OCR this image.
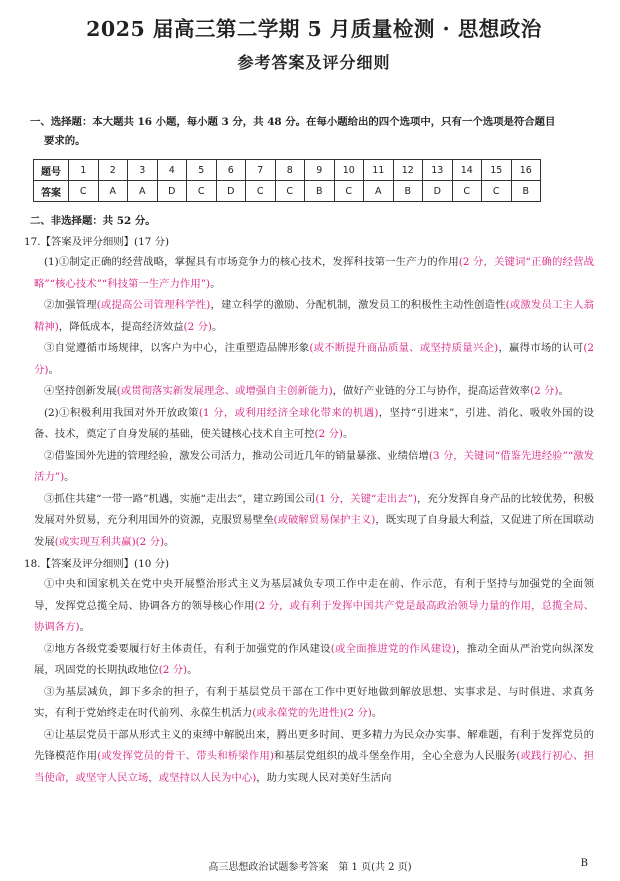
2025 届高三第二学期 5 月质量检测 · 思想政治
参考答案及评分细则
一、选择题：本大题共 16 小题，每小题 3 分，共 48 分。在每小题给出的四个选项中，只有一个选项是符合题目
要求的。
题号	1	2	3	4	5	6	7	8	9	10	11	12	13	14	15	16
答案	C	A	A	D	C	D	C	C	B	C	A	B	D	C	C	B
二、非选择题：共 52 分。
17.【答案及评分细则】(17 分)

(1)①制定正确的经营战略，掌握具有市场竞争力的核心技术，发挥科技第一生产力的作用(2 分，关键词“正确的经营战略”“核心技术”“科技第一生产力作用”)。

②加强管理(或提高公司管理科学性)，建立科学的激励、分配机制，激发员工的积极性主动性创造性(或激发员工主人翁精神)，降低成本，提高经济效益(2 分)。

③自觉遵循市场规律，以客户为中心，注重塑造品牌形象(或不断提升商品质量、或坚持质量兴企)，赢得市场的认可(2 分)。

④坚持创新发展(或贯彻落实新发展理念、或增强自主创新能力)，做好产业链的分工与协作，提高运营效率(2 分)。

(2)①积极利用我国对外开放政策(1 分，或利用经济全球化带来的机遇)，坚持“引进来”，引进、消化、吸收外国的设备、技术，奠定了自身发展的基础，使关键核心技术自主可控(2 分)。

②借鉴国外先进的管理经验，激发公司活力，推动公司近几年的销量暴涨、业绩倍增(3 分，关键词“借鉴先进经验”“激发活力”)。

③抓住共建“一带一路”机遇，实施“走出去”，建立跨国公司(1 分，关键“走出去”)，充分发挥自身产品的比较优势，积极发展对外贸易，充分利用国外的资源，克服贸易壁垒(或破解贸易保护主义)，既实现了自身最大利益，又促进了所在国联动发展(或实现互利共赢)(2 分)。

18.【答案及评分细则】(10 分)

①中央和国家机关在党中央开展整治形式主义为基层减负专项工作中走在前、作示范，有利于坚持与加强党的全面领导，发挥党总揽全局、协调各方的领导核心作用(2 分，或有利于发挥中国共产党是最高政治领导力量的作用，总揽全局、协调各方)。

②地方各级党委要履行好主体责任，有利于加强党的作风建设(或全面推进党的作风建设)，推动全面从严治党向纵深发展，巩固党的长期执政地位(2 分)。

③为基层减负，卸下多余的担子，有利于基层党员干部在工作中更好地做到解放思想、实事求是、与时俱进、求真务实，有利于党始终走在时代前列、永葆生机活力(或永葆党的先进性)(2 分)。

④让基层党员干部从形式主义的束缚中解脱出来，腾出更多时间、更多精力为民众办实事、解难题，有利于发挥党员的先锋模范作用(或发挥党员的骨干、带头和桥梁作用)和基层党组织的战斗堡垒作用，全心全意为人民服务(或践行初心、担当使命，或坚守人民立场，或坚持以人民为中心)，助力实现人民对美好生活向

高三思想政治试题参考答案　第 1 页(共 2 页)	B
